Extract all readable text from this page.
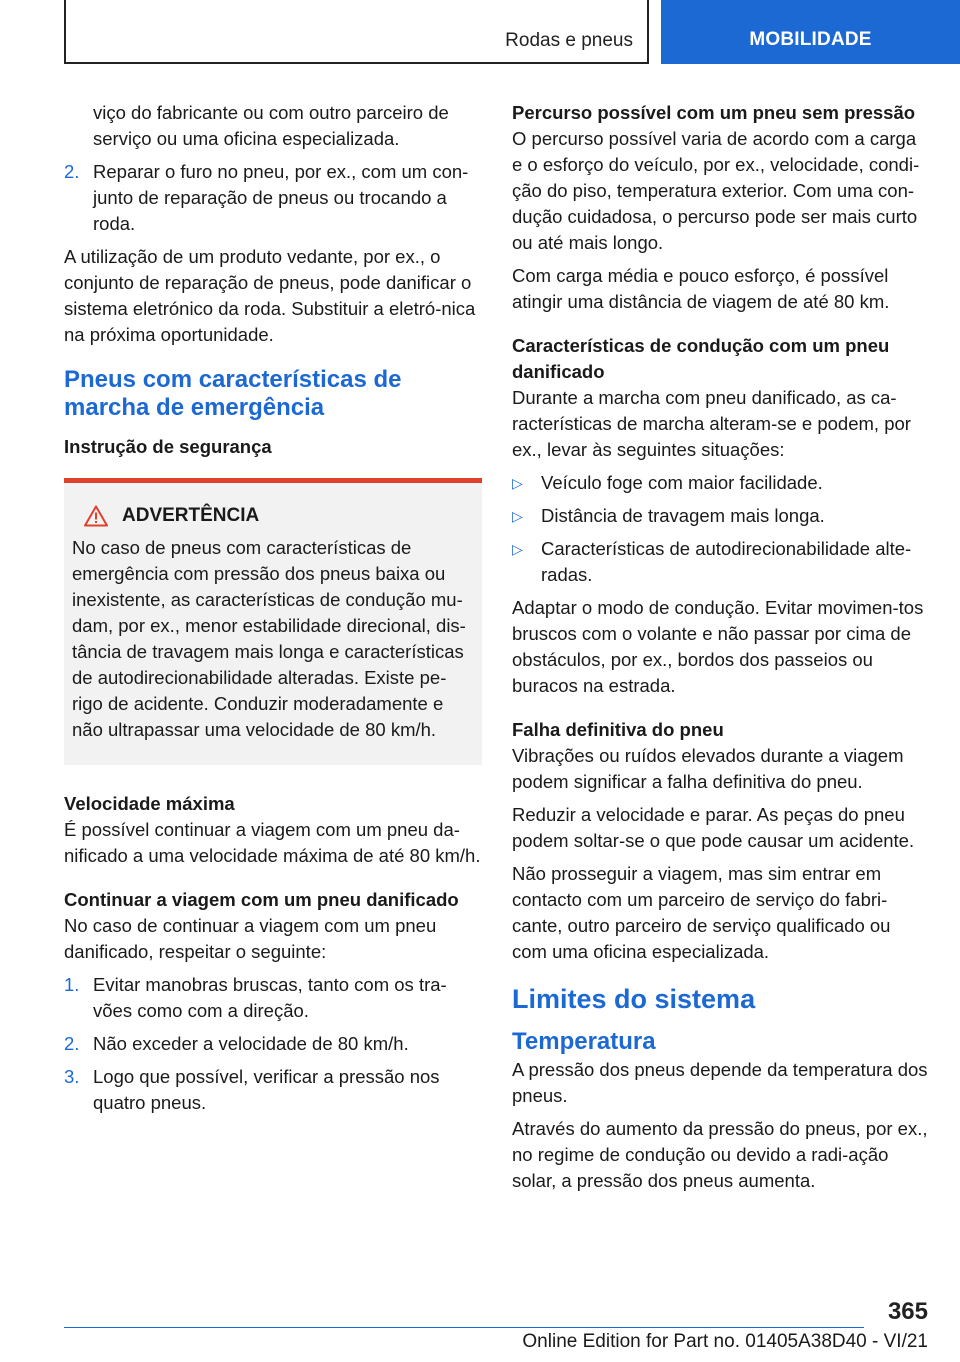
Rodas e pneus	MOBILIDADE

viço do fabricante ou com outro parceiro de serviço ou uma oficina especializada.

2. Reparar o furo no pneu, por ex., com um con-junto de reparação de pneus ou trocando a roda.

A utilização de um produto vedante, por ex., o conjunto de reparação de pneus, pode danificar o sistema eletrónico da roda. Substituir a eletró-nica na próxima oportunidade.

Pneus com características de marcha de emergência
Instrução de segurança
ADVERTÊNCIA

No caso de pneus com características de emergência com pressão dos pneus baixa ou inexistente, as características de condução mu-dam, por ex., menor estabilidade direcional, dis-tância de travagem mais longa e características de autodirecionabilidade alteradas. Existe pe-rigo de acidente. Conduzir moderadamente e não ultrapassar uma velocidade de 80 km/h.

Velocidade máxima

É possível continuar a viagem com um pneu da-nificado a uma velocidade máxima de até 80 km/h.

Continuar a viagem com um pneu danificado

No caso de continuar a viagem com um pneu danificado, respeitar o seguinte:

1. Evitar manobras bruscas, tanto com os tra-vões como com a direção.
2. Não exceder a velocidade de 80 km/h.
3. Logo que possível, verificar a pressão nos quatro pneus.
Percurso possível com um pneu sem pressão

O percurso possível varia de acordo com a carga e o esforço do veículo, por ex., velocidade, condi-ção do piso, temperatura exterior. Com uma con-dução cuidadosa, o percurso pode ser mais curto ou até mais longo.

Com carga média e pouco esforço, é possível atingir uma distância de viagem de até 80 km.

Características de condução com um pneu danificado

Durante a marcha com pneu danificado, as ca-racterísticas de marcha alteram-se e podem, por ex., levar às seguintes situações:

▷ Veículo foge com maior facilidade.
▷ Distância de travagem mais longa.
▷ Características de autodirecionabilidade alte-radas.

Adaptar o modo de condução. Evitar movimen-tos bruscos com o volante e não passar por cima de obstáculos, por ex., bordos dos passeios ou buracos na estrada.

Falha definitiva do pneu

Vibrações ou ruídos elevados durante a viagem podem significar a falha definitiva do pneu.

Reduzir a velocidade e parar. As peças do pneu podem soltar-se o que pode causar um acidente.

Não prosseguir a viagem, mas sim entrar em contacto com um parceiro de serviço do fabri-cante, outro parceiro de serviço qualificado ou com uma oficina especializada.

Limites do sistema
Temperatura

A pressão dos pneus depende da temperatura dos pneus.

Através do aumento da pressão do pneus, por ex., no regime de condução ou devido a radi-ação solar, a pressão dos pneus aumenta.

365
Online Edition for Part no. 01405A38D40 - VI/21
